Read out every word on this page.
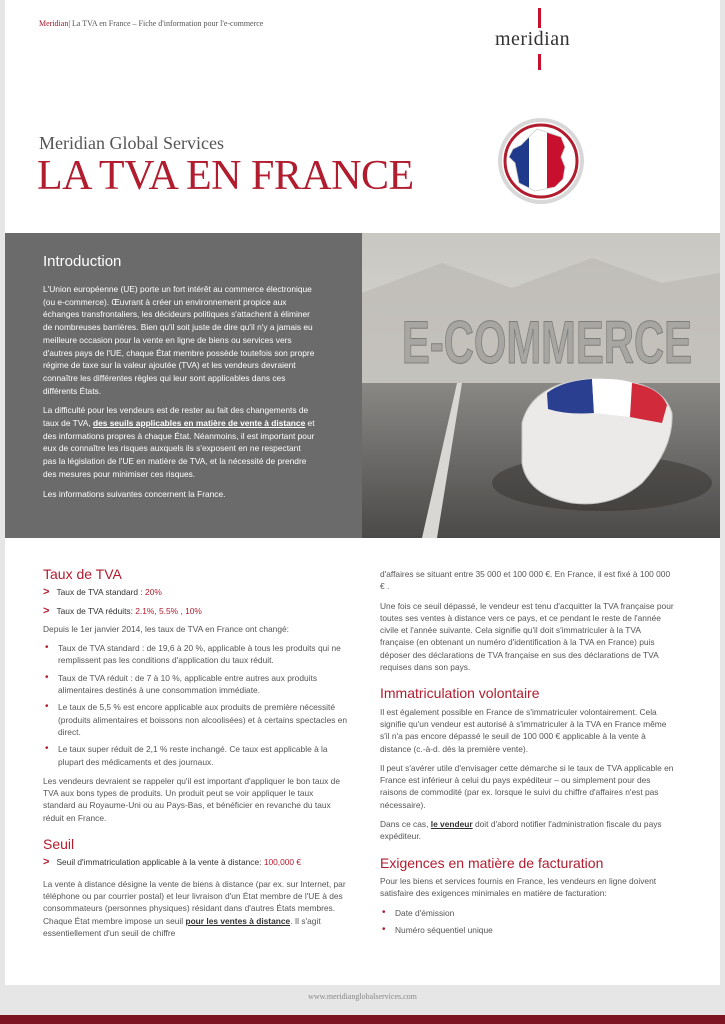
Meridian| La TVA en France – Fiche d'information pour l'e-commerce
meridian
Meridian Global Services
LA TVA EN FRANCE
Introduction

L'Union européenne (UE) porte un fort intérêt au commerce électronique (ou e-commerce). Œuvrant à créer un environnement propice aux échanges transfrontaliers, les décideurs politiques s'attachent à éliminer de nombreuses barrières. Bien qu'il soit juste de dire qu'il n'y a jamais eu meilleure occasion pour la vente en ligne de biens ou services vers d'autres pays de l'UE, chaque État membre possède toutefois son propre régime de taxe sur la valeur ajoutée (TVA) et les vendeurs devraient connaître les différentes règles qui leur sont applicables dans ces différents États.

La difficulté pour les vendeurs est de rester au fait des changements de taux de TVA, des seuils applicables en matière de vente à distance et des informations propres à chaque État. Néanmoins, il est important pour eux de connaître les risques auxquels ils s'exposent en ne respectant pas la législation de l'UE en matière de TVA, et la nécessité de prendre des mesures pour minimiser ces risques.

Les informations suivantes concernent la France.

E-COMMERCE
Taux de TVA
> Taux de TVA standard : 20%
> Taux de TVA réduits: 2.1%, 5.5% , 10%

Depuis le 1er janvier 2014, les taux de TVA en France ont changé:

• Taux de TVA standard : de 19,6 à 20 %, applicable à tous les produits qui ne remplissent pas les conditions d'application du taux réduit.
• Taux de TVA réduit : de 7 à 10 %, applicable entre autres aux produits alimentaires destinés à une consommation immédiate.
• Le taux de 5,5 % est encore applicable aux produits de première nécessité (produits alimentaires et boissons non alcoolisées) et à certains spectacles en direct.
• Le taux super réduit de 2,1 % reste inchangé. Ce taux est applicable à la plupart des médicaments et des journaux.

Les vendeurs devraient se rappeler qu'il est important d'appliquer le bon taux de TVA aux bons types de produits. Un produit peut se voir appliquer le taux standard au Royaume-Uni ou au Pays-Bas, et bénéficier en revanche du taux réduit en France.

Seuil
> Seuil d'immatriculation applicable à la vente à distance: 100,000 €

La vente à distance désigne la vente de biens à distance (par ex. sur Internet, par téléphone ou par courrier postal) et leur livraison d'un État membre de l'UE à des consommateurs (personnes physiques) résidant dans d'autres États membres. Chaque État membre impose un seuil pour les ventes à distance. Il s'agit essentiellement d'un seuil de chiffre

d'affaires se situant entre 35 000 et 100 000 €. En France, il est fixé à 100 000 € .

Une fois ce seuil dépassé, le vendeur est tenu d'acquitter la TVA française pour toutes ses ventes à distance vers ce pays, et ce pendant le reste de l'année civile et l'année suivante. Cela signifie qu'il doit s'immatriculer à la TVA française (en obtenant un numéro d'identification à la TVA en France) puis déposer des déclarations de TVA française en sus des déclarations de TVA requises dans son pays.

Immatriculation volontaire

Il est également possible en France de s'immatriculer volontairement. Cela signifie qu'un vendeur est autorisé à s'immatriculer à la TVA en France même s'il n'a pas encore dépassé le seuil de 100 000 € applicable à la vente à distance (c.-à-d. dès la première vente).

Il peut s'avérer utile d'envisager cette démarche si le taux de TVA applicable en France est inférieur à celui du pays expéditeur – ou simplement pour des raisons de commodité (par ex. lorsque le suivi du chiffre d'affaires n'est pas nécessaire).

Dans ce cas, le vendeur doit d'abord notifier l'administration fiscale du pays expéditeur.

Exigences en matière de facturation

Pour les biens et services fournis en France, les vendeurs en ligne doivent satisfaire des exigences minimales en matière de facturation:

• Date d'émission
• Numéro séquentiel unique
www.meridianglobalservices.com
